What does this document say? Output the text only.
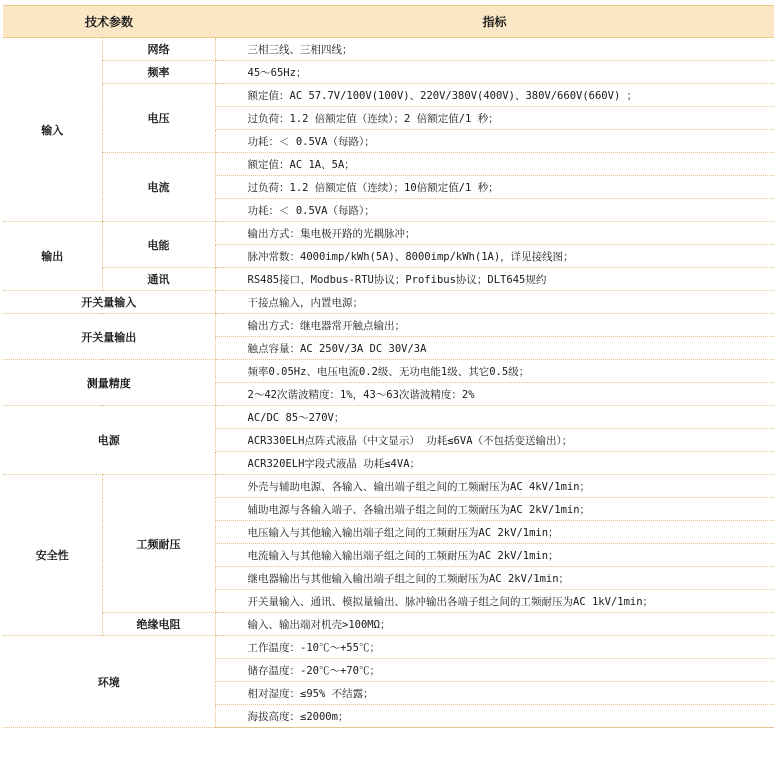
技术参数		指标
输入	网络	三相三线、三相四线；
	频率	45～65Hz；
	电压	额定值：AC 57.7V/100V(100V)、220V/380V(400V)、380V/660V(660V) ；
		过负荷：1.2 倍额定值（连续）；2 倍额定值/1 秒；
		功耗：＜ 0.5VA（每路）；
	电流	额定值：AC 1A、5A；
		过负荷：1.2 倍额定值（连续）；10倍额定值/1 秒；
		功耗：＜ 0.5VA（每路）；
输出	电能	输出方式：集电极开路的光耦脉冲；
		脉冲常数：4000imp/kWh(5A)、8000imp/kWh(1A)，详见接线图；
	通讯	RS485接口、Modbus-RTU协议；Profibus协议；DLT645规约
开关量输入		干接点输入，内置电源；
开关量输出		输出方式：继电器常开触点输出；
		触点容量：AC 250V/3A DC 30V/3A
测量精度		频率0.05Hz、电压电流0.2级、无功电能1级、其它0.5级；
		2～42次谐波精度：1%，43～63次谐波精度：2%
电源		AC/DC 85～270V；
		ACR330ELH点阵式液晶（中文显示） 功耗≤6VA（不包括变送输出）；
		ACR320ELH字段式液晶 功耗≤4VA；
安全性	工频耐压	外壳与辅助电源、各输入、输出端子组之间的工频耐压为AC 4kV/1min；
		辅助电源与各输入端子、各输出端子组之间的工频耐压为AC 2kV/1min；
		电压输入与其他输入输出端子组之间的工频耐压为AC 2kV/1min；
		电流输入与其他输入输出端子组之间的工频耐压为AC 2kV/1min；
		继电器输出与其他输入输出端子组之间的工频耐压为AC 2kV/1min；
		开关量输入、通讯、模拟量输出、脉冲输出各端子组之间的工频耐压为AC 1kV/1min；
	绝缘电阻	输入、输出端对机壳>100MΩ；
环境		工作温度：-10℃～+55℃；
		储存温度：-20℃～+70℃；
		相对湿度：≤95% 不结露；
		海拔高度：≤2000m；
